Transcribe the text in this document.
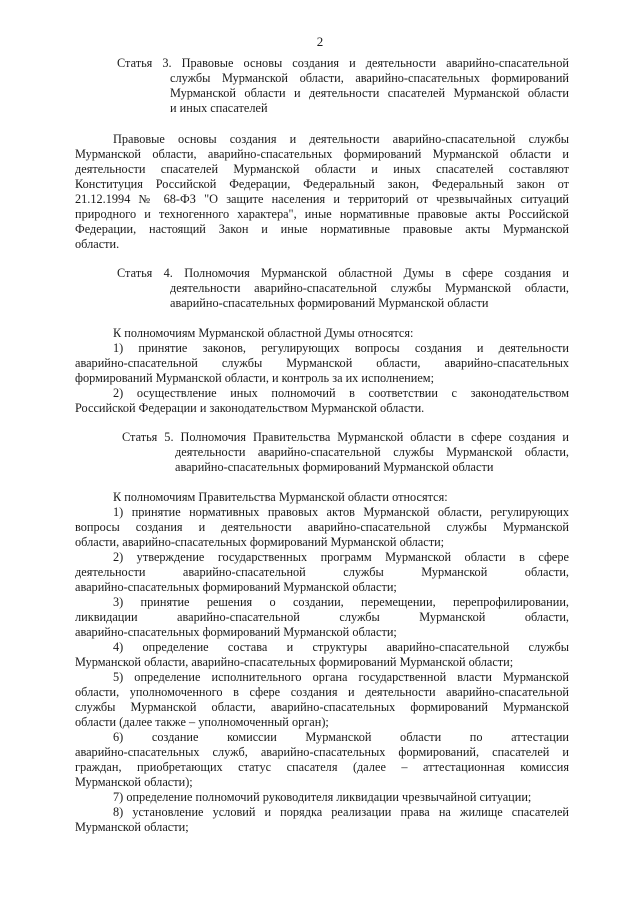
2
Статья 3. Правовые основы создания и деятельности аварийно-спасательной
службы Мурманской области, аварийно-спасательных формирований
Мурманской области и деятельности спасателей Мурманской области
и иных спасателей
Правовые основы создания и деятельности аварийно-спасательной службы
Мурманской области, аварийно-спасательных формирований Мурманской области и
деятельности спасателей Мурманской области и иных спасателей составляют
Конституция Российской Федерации, Федеральный закон, Федеральный закон от
21.12.1994 № 68-ФЗ "О защите населения и территорий от чрезвычайных ситуаций
природного и техногенного характера", иные нормативные правовые акты Российской
Федерации, настоящий Закон и иные нормативные правовые акты Мурманской
области.
Статья 4. Полномочия Мурманской областной Думы в сфере создания и
деятельности аварийно-спасательной службы Мурманской области,
аварийно-спасательных формирований Мурманской области
К полномочиям Мурманской областной Думы относятся:
1) принятие законов, регулирующих вопросы создания и деятельности
аварийно-спасательной службы Мурманской области, аварийно-спасательных
формирований Мурманской области, и контроль за их исполнением;
2) осуществление иных полномочий в соответствии с законодательством
Российской Федерации и законодательством Мурманской области.
Статья 5. Полномочия Правительства Мурманской области в сфере создания и
деятельности аварийно-спасательной службы Мурманской области,
аварийно-спасательных формирований Мурманской области
К полномочиям Правительства Мурманской области относятся:
1) принятие нормативных правовых актов Мурманской области, регулирующих
вопросы создания и деятельности аварийно-спасательной службы Мурманской
области, аварийно-спасательных формирований Мурманской области;
2) утверждение государственных программ Мурманской области в сфере
деятельности аварийно-спасательной службы Мурманской области,
аварийно-спасательных формирований Мурманской области;
3) принятие решения о создании, перемещении, перепрофилировании,
ликвидации аварийно-спасательной службы Мурманской области,
аварийно-спасательных формирований Мурманской области;
4) определение состава и структуры аварийно-спасательной службы
Мурманской области, аварийно-спасательных формирований Мурманской области;
5) определение исполнительного органа государственной власти Мурманской
области, уполномоченного в сфере создания и деятельности аварийно-спасательной
службы Мурманской области, аварийно-спасательных формирований Мурманской
области (далее также – уполномоченный орган);
6) создание комиссии Мурманской области по аттестации
аварийно-спасательных служб, аварийно-спасательных формирований, спасателей и
граждан, приобретающих статус спасателя (далее – аттестационная комиссия
Мурманской области);
7) определение полномочий руководителя ликвидации чрезвычайной ситуации;
8) установление условий и порядка реализации права на жилище спасателей
Мурманской области;
